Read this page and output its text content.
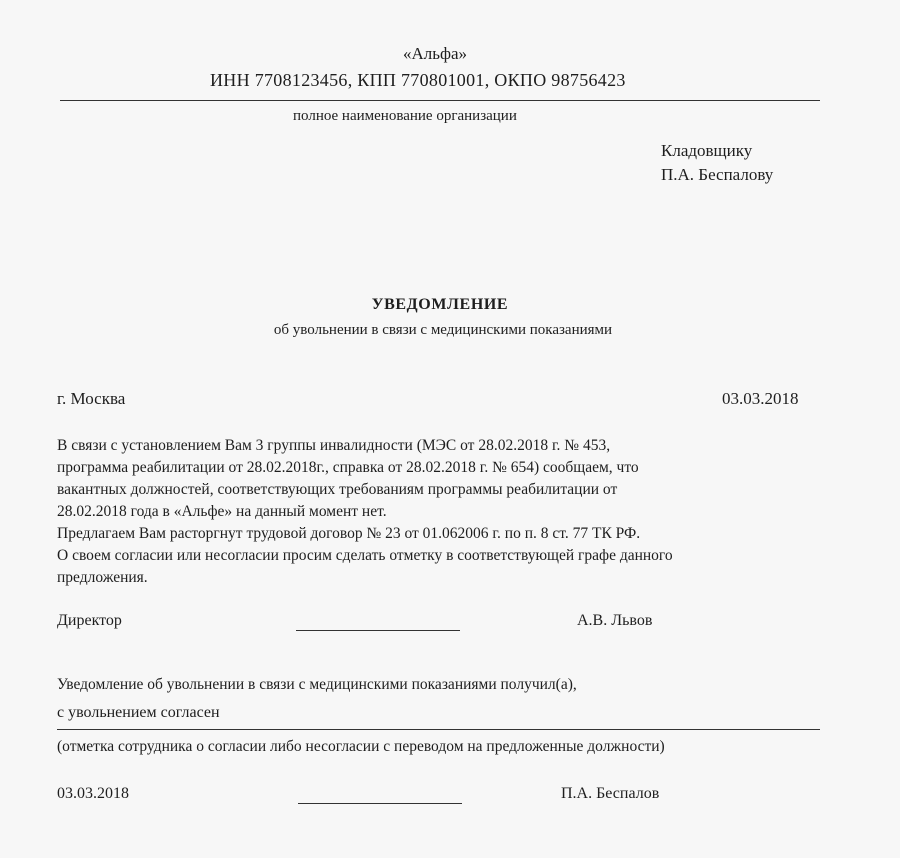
«Альфа»
ИНН 7708123456, КПП 770801001, ОКПО 98756423
полное наименование организации
Кладовщику
П.А. Беспалову
УВЕДОМЛЕНИЕ
об увольнении в связи с медицинскими показаниями
г. Москва	03.03.2018
В связи с установлением Вам 3 группы инвалидности (МЭС от 28.02.2018 г. № 453,
программа реабилитации от 28.02.2018г., справка от 28.02.2018 г. № 654) сообщаем, что
вакантных должностей, соответствующих требованиям программы реабилитации от
28.02.2018 года в «Альфе» на данный момент нет.
Предлагаем Вам расторгнут трудовой договор № 23 от 01.062006 г. по п. 8 ст. 77 ТК РФ.
О своем согласии или несогласии просим сделать отметку в соответствующей графе данного
предложения.
Директор	А.В. Львов
Уведомление об увольнении в связи с медицинскими показаниями получил(а),
с увольнением согласен
(отметка сотрудника о согласии либо несогласии с переводом на предложенные должности)
03.03.2018	П.А. Беспалов
